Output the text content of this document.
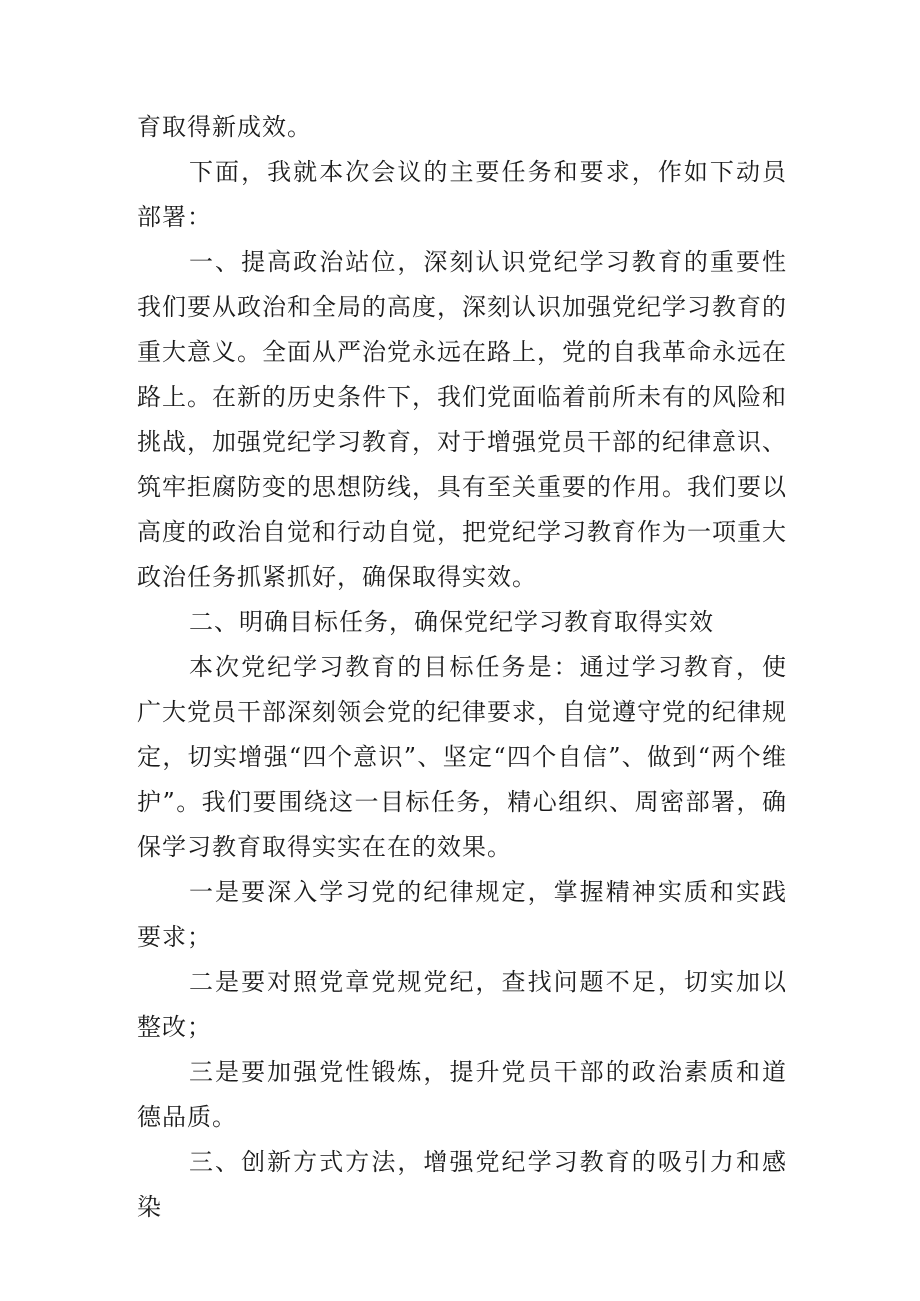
育取得新成效。

下面，我就本次会议的主要任务和要求，作如下动员部署：

一、提高政治站位，深刻认识党纪学习教育的重要性我们要从政治和全局的高度，深刻认识加强党纪学习教育的重大意义。全面从严治党永远在路上，党的自我革命永远在路上。在新的历史条件下，我们党面临着前所未有的风险和挑战，加强党纪学习教育，对于增强党员干部的纪律意识、筑牢拒腐防变的思想防线，具有至关重要的作用。我们要以高度的政治自觉和行动自觉，把党纪学习教育作为一项重大政治任务抓紧抓好，确保取得实效。

二、明确目标任务，确保党纪学习教育取得实效

本次党纪学习教育的目标任务是：通过学习教育，使广大党员干部深刻领会党的纪律要求，自觉遵守党的纪律规定，切实增强“四个意识”、坚定“四个自信”、做到“两个维护”。我们要围绕这一目标任务，精心组织、周密部署，确保学习教育取得实实在在的效果。

一是要深入学习党的纪律规定，掌握精神实质和实践要求；

二是要对照党章党规党纪，查找问题不足，切实加以整改；

三是要加强党性锻炼，提升党员干部的政治素质和道德品质。

三、创新方式方法，增强党纪学习教育的吸引力和感染
